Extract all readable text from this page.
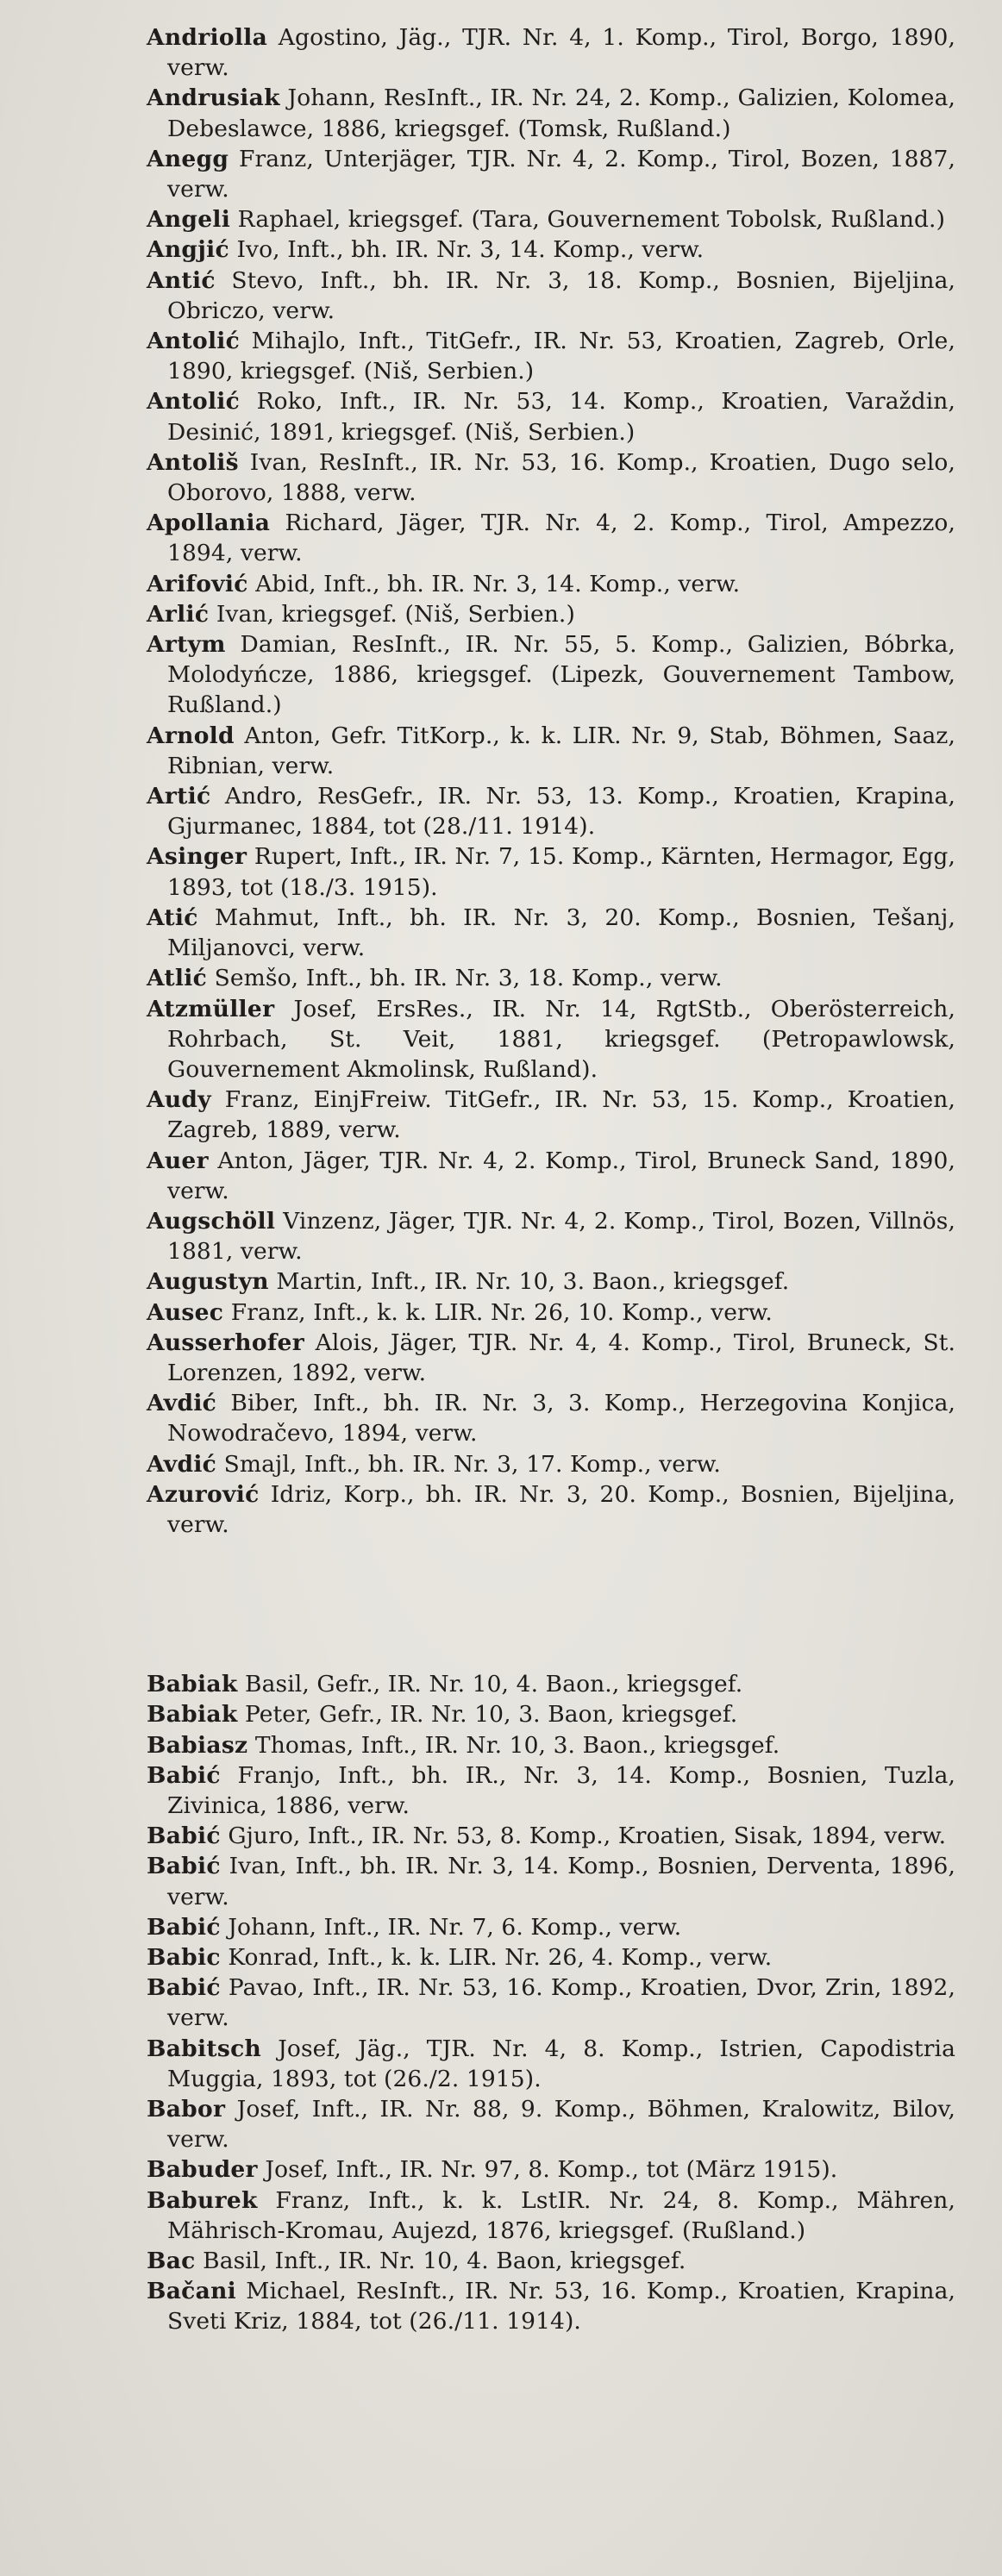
Andriolla Agostino, Jäg., TJR. Nr. 4, 1. Komp., Tirol, Borgo, 1890, verw.

Andrusiak Johann, ResInft., IR. Nr. 24, 2. Komp., Galizien, Kolomea, Debeslawce, 1886, kriegsgef. (Tomsk, Rußland.)

Anegg Franz, Unterjäger, TJR. Nr. 4, 2. Komp., Tirol, Bozen, 1887, verw.

Angeli Raphael, kriegsgef. (Tara, Gouvernement Tobolsk, Rußland.)

Angjić Ivo, Inft., bh. IR. Nr. 3, 14. Komp., verw.

Antić Stevo, Inft., bh. IR. Nr. 3, 18. Komp., Bosnien, Bijeljina, Obriczo, verw.

Antolić Mihajlo, Inft., TitGefr., IR. Nr. 53, Kroatien, Zagreb, Orle, 1890, kriegsgef. (Niš, Serbien.)

Antolić Roko, Inft., IR. Nr. 53, 14. Komp., Kroatien, Varaždin, Desinić, 1891, kriegsgef. (Niš, Serbien.)

Antoliš Ivan, ResInft., IR. Nr. 53, 16. Komp., Kroatien, Dugo selo, Oborovo, 1888, verw.

Apollania Richard, Jäger, TJR. Nr. 4, 2. Komp., Tirol, Ampezzo, 1894, verw.

Arifović Abid, Inft., bh. IR. Nr. 3, 14. Komp., verw.

Arlić Ivan, kriegsgef. (Niš, Serbien.)

Artym Damian, ResInft., IR. Nr. 55, 5. Komp., Galizien, Bóbrka, Molodyńcze, 1886, kriegsgef. (Lipezk, Gouvernement Tambow, Rußland.)

Arnold Anton, Gefr. TitKorp., k. k. LIR. Nr. 9, Stab, Böhmen, Saaz, Ribnian, verw.

Artić Andro, ResGefr., IR. Nr. 53, 13. Komp., Kroatien, Krapina, Gjurmanec, 1884, tot (28./11. 1914).

Asinger Rupert, Inft., IR. Nr. 7, 15. Komp., Kärnten, Hermagor, Egg, 1893, tot (18./3. 1915).

Atić Mahmut, Inft., bh. IR. Nr. 3, 20. Komp., Bosnien, Tešanj, Miljanovci, verw.

Atlić Semšo, Inft., bh. IR. Nr. 3, 18. Komp., verw.

Atzmüller Josef, ErsRes., IR. Nr. 14, RgtStb., Oberösterreich, Rohrbach, St. Veit, 1881, kriegsgef. (Petropawlowsk, Gouvernement Akmolinsk, Rußland).

Audy Franz, EinjFreiw. TitGefr., IR. Nr. 53, 15. Komp., Kroatien, Zagreb, 1889, verw.

Auer Anton, Jäger, TJR. Nr. 4, 2. Komp., Tirol, Bruneck Sand, 1890, verw.

Augschöll Vinzenz, Jäger, TJR. Nr. 4, 2. Komp., Tirol, Bozen, Villnös, 1881, verw.

Augustyn Martin, Inft., IR. Nr. 10, 3. Baon., kriegsgef.

Ausec Franz, Inft., k. k. LIR. Nr. 26, 10. Komp., verw.

Ausserhofer Alois, Jäger, TJR. Nr. 4, 4. Komp., Tirol, Bruneck, St. Lorenzen, 1892, verw.

Avdić Biber, Inft., bh. IR. Nr. 3, 3. Komp., Herzegovina Konjica, Nowodračevo, 1894, verw.

Avdić Smajl, Inft., bh. IR. Nr. 3, 17. Komp., verw.

Azurović Idriz, Korp., bh. IR. Nr. 3, 20. Komp., Bosnien, Bijeljina, verw.

Babiak Basil, Gefr., IR. Nr. 10, 4. Baon., kriegsgef.

Babiak Peter, Gefr., IR. Nr. 10, 3. Baon, kriegsgef.

Babiasz Thomas, Inft., IR. Nr. 10, 3. Baon., kriegsgef.

Babić Franjo, Inft., bh. IR., Nr. 3, 14. Komp., Bosnien, Tuzla, Zivinica, 1886, verw.

Babić Gjuro, Inft., IR. Nr. 53, 8. Komp., Kroatien, Sisak, 1894, verw.

Babić Ivan, Inft., bh. IR. Nr. 3, 14. Komp., Bosnien, Derventa, 1896, verw.

Babić Johann, Inft., IR. Nr. 7, 6. Komp., verw.

Babic Konrad, Inft., k. k. LIR. Nr. 26, 4. Komp., verw.

Babić Pavao, Inft., IR. Nr. 53, 16. Komp., Kroatien, Dvor, Zrin, 1892, verw.

Babitsch Josef, Jäg., TJR. Nr. 4, 8. Komp., Istrien, Capodistria Muggia, 1893, tot (26./2. 1915).

Babor Josef, Inft., IR. Nr. 88, 9. Komp., Böhmen, Kralowitz, Bilov, verw.

Babuder Josef, Inft., IR. Nr. 97, 8. Komp., tot (März 1915).

Baburek Franz, Inft., k. k. LstIR. Nr. 24, 8. Komp., Mähren, Mährisch-Kromau, Aujezd, 1876, kriegsgef. (Rußland.)

Bac Basil, Inft., IR. Nr. 10, 4. Baon, kriegsgef.

Bačani Michael, ResInft., IR. Nr. 53, 16. Komp., Kroatien, Krapina, Sveti Kriz, 1884, tot (26./11. 1914).
